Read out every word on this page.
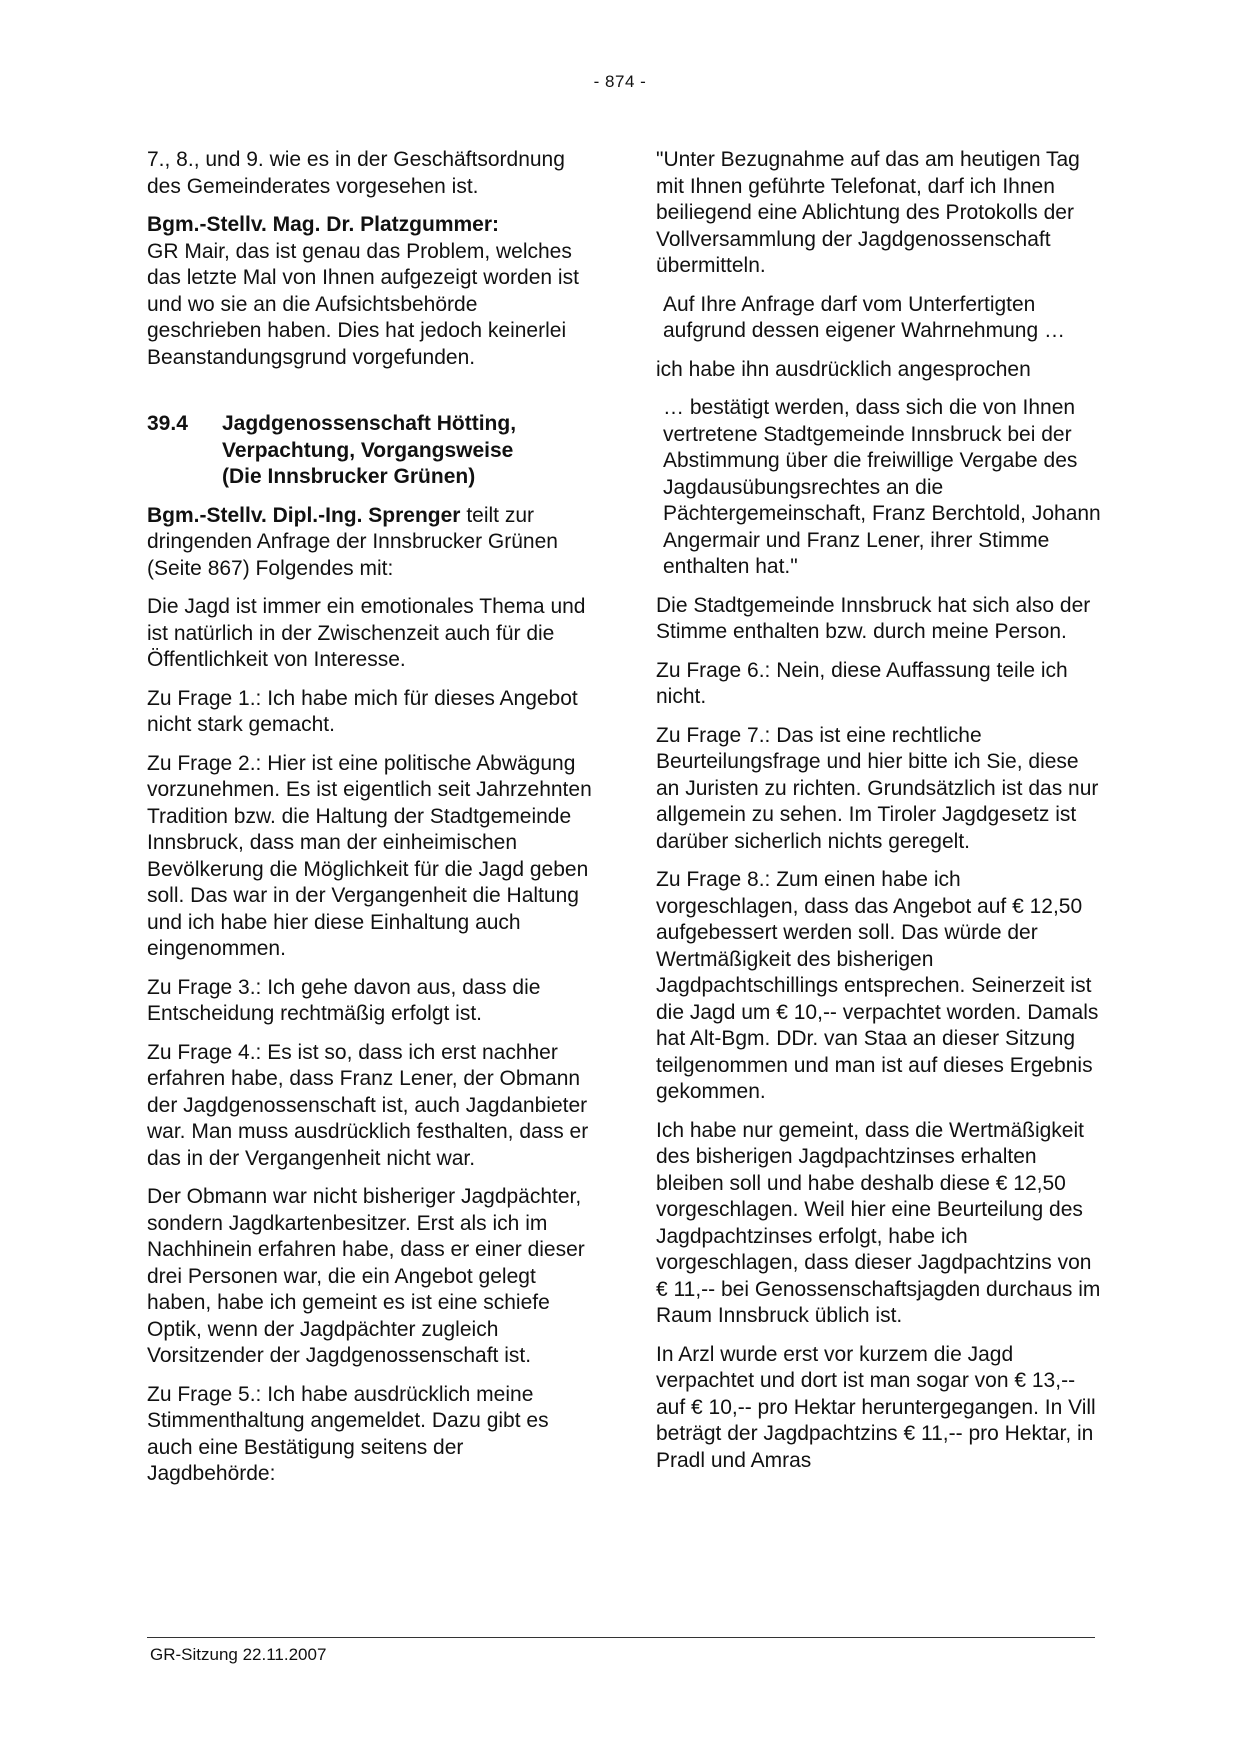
- 874 -

7., 8., und 9. wie es in der Geschäftsordnung des Gemeinderates vorgesehen ist.

Bgm.-Stellv. Mag. Dr. Platzgummer:
GR Mair, das ist genau das Problem, welches das letzte Mal von Ihnen aufgezeigt worden ist und wo sie an die Aufsichtsbehörde geschrieben haben. Dies hat jedoch keinerlei Beanstandungsgrund vorgefunden.

39.4	Jagdgenossenschaft Hötting,
Verpachtung, Vorgangsweise
(Die Innsbrucker Grünen)

Bgm.-Stellv. Dipl.-Ing. Sprenger teilt zur dringenden Anfrage der Innsbrucker Grünen (Seite 867) Folgendes mit:

Die Jagd ist immer ein emotionales Thema und ist natürlich in der Zwischenzeit auch für die Öffentlichkeit von Interesse.

Zu Frage 1.: Ich habe mich für dieses Angebot nicht stark gemacht.

Zu Frage 2.: Hier ist eine politische Abwägung vorzunehmen. Es ist eigentlich seit Jahrzehnten Tradition bzw. die Haltung der Stadtgemeinde Innsbruck, dass man der einheimischen Bevölkerung die Möglichkeit für die Jagd geben soll. Das war in der Vergangenheit die Haltung und ich habe hier diese Einhaltung auch eingenommen.

Zu Frage 3.: Ich gehe davon aus, dass die Entscheidung rechtmäßig erfolgt ist.

Zu Frage 4.: Es ist so, dass ich erst nachher erfahren habe, dass Franz Lener, der Obmann der Jagdgenossenschaft ist, auch Jagdanbieter war. Man muss ausdrücklich festhalten, dass er das in der Vergangenheit nicht war.

Der Obmann war nicht bisheriger Jagdpächter, sondern Jagdkartenbesitzer. Erst als ich im Nachhinein erfahren habe, dass er einer dieser drei Personen war, die ein Angebot gelegt haben, habe ich gemeint es ist eine schiefe Optik, wenn der Jagdpächter zugleich Vorsitzender der Jagdgenossenschaft ist.

Zu Frage 5.: Ich habe ausdrücklich meine Stimmenthaltung angemeldet. Dazu gibt es auch eine Bestätigung seitens der Jagdbehörde:

"Unter Bezugnahme auf das am heutigen Tag mit Ihnen geführte Telefonat, darf ich Ihnen beiliegend eine Ablichtung des Protokolls der Vollversammlung der Jagdgenossenschaft übermitteln.

Auf Ihre Anfrage darf vom Unterfertigten aufgrund dessen eigener Wahrnehmung …

ich habe ihn ausdrücklich angesprochen

… bestätigt werden, dass sich die von Ihnen vertretene Stadtgemeinde Innsbruck bei der Abstimmung über die freiwillige Vergabe des Jagdausübungsrechtes an die Pächtergemeinschaft, Franz Berchtold, Johann Angermair und Franz Lener, ihrer Stimme enthalten hat."

Die Stadtgemeinde Innsbruck hat sich also der Stimme enthalten bzw. durch meine Person.

Zu Frage 6.: Nein, diese Auffassung teile ich nicht.

Zu Frage 7.: Das ist eine rechtliche Beurteilungsfrage und hier bitte ich Sie, diese an Juristen zu richten. Grundsätzlich ist das nur allgemein zu sehen. Im Tiroler Jagdgesetz ist darüber sicherlich nichts geregelt.

Zu Frage 8.: Zum einen habe ich vorgeschlagen, dass das Angebot auf € 12,50 aufgebessert werden soll. Das würde der Wertmäßigkeit des bisherigen Jagdpachtschillings entsprechen. Seinerzeit ist die Jagd um € 10,-- verpachtet worden. Damals hat Alt-Bgm. DDr. van Staa an dieser Sitzung teilgenommen und man ist auf dieses Ergebnis gekommen.

Ich habe nur gemeint, dass die Wertmäßigkeit des bisherigen Jagdpachtzinses erhalten bleiben soll und habe deshalb diese € 12,50 vorgeschlagen. Weil hier eine Beurteilung des Jagdpachtzinses erfolgt, habe ich vorgeschlagen, dass dieser Jagdpachtzins von € 11,-- bei Genossenschaftsjagden durchaus im Raum Innsbruck üblich ist.

In Arzl wurde erst vor kurzem die Jagd verpachtet und dort ist man sogar von € 13,-- auf € 10,-- pro Hektar heruntergegangen. In Vill beträgt der Jagdpachtzins € 11,-- pro Hektar, in Pradl und Amras

GR-Sitzung 22.11.2007
